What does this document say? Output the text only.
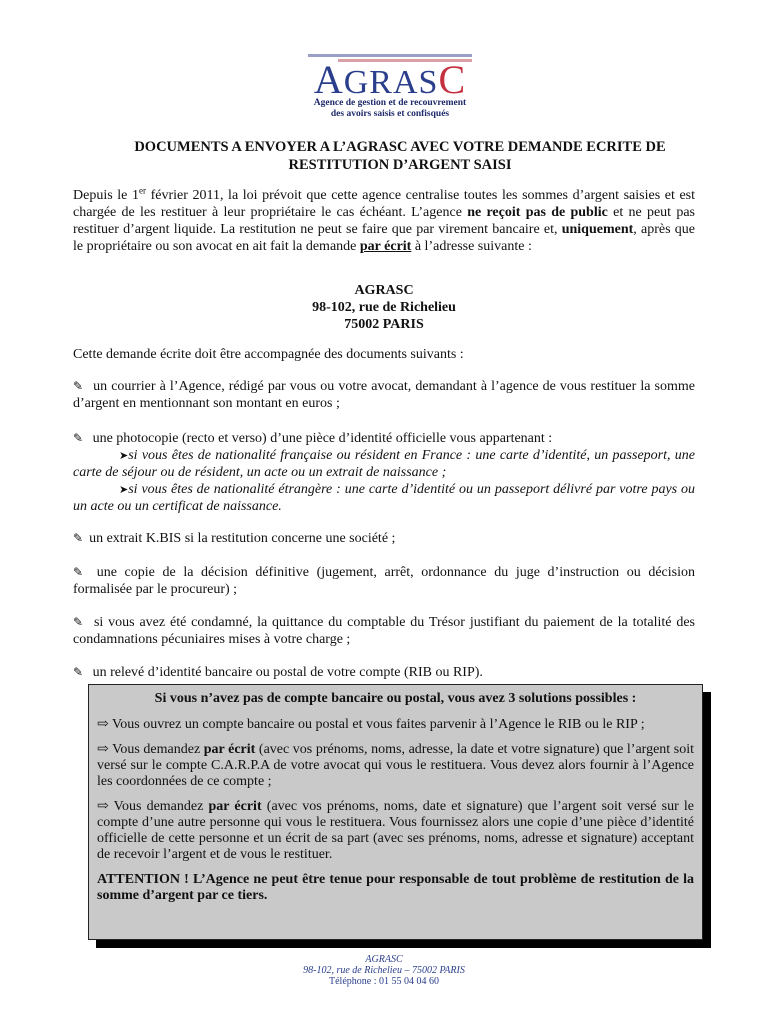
AGRASC
Agence de gestion et de recouvrement
des avoirs saisis et confisqués
DOCUMENTS A ENVOYER A L’AGRASC AVEC VOTRE DEMANDE ECRITE DE
RESTITUTION D’ARGENT SAISI
Depuis le 1er février 2011, la loi prévoit que cette agence centralise toutes les sommes d’argent saisies et est chargée de les restituer à leur propriétaire le cas échéant. L’agence ne reçoit pas de public et ne peut pas restituer d’argent liquide. La restitution ne peut se faire que par virement bancaire et, uniquement, après que le propriétaire ou son avocat en ait fait la demande par écrit à l’adresse suivante :
AGRASC
98-102, rue de Richelieu
75002 PARIS
Cette demande écrite doit être accompagnée des documents suivants :
✎ un courrier à l’Agence, rédigé par vous ou votre avocat, demandant à l’agence de vous restituer la somme d’argent en mentionnant son montant en euros ;
✎ une photocopie (recto et verso) d’une pièce d’identité officielle vous appartenant :
➤si vous êtes de nationalité française ou résident en France : une carte d’identité, un passeport, une carte de séjour ou de résident, un acte ou un extrait de naissance ;
➤si vous êtes de nationalité étrangère : une carte d’identité ou un passeport délivré par votre pays ou un acte ou un certificat de naissance.
✎ un extrait K.BIS si la restitution concerne une société ;
✎ une copie de la décision définitive (jugement, arrêt, ordonnance du juge d’instruction ou décision formalisée par le procureur) ;
✎ si vous avez été condamné, la quittance du comptable du Trésor justifiant du paiement de la totalité des condamnations pécuniaires mises à votre charge ;
✎ un relevé d’identité bancaire ou postal de votre compte (RIB ou RIP).

Si vous n’avez pas de compte bancaire ou postal, vous avez 3 solutions possibles :

⇨ Vous ouvrez un compte bancaire ou postal et vous faites parvenir à l’Agence le RIB ou le RIP ;

⇨ Vous demandez par écrit (avec vos prénoms, noms, adresse, la date et votre signature) que l’argent soit versé sur le compte C.A.R.P.A de votre avocat qui vous le restituera. Vous devez alors fournir à l’Agence les coordonnées de ce compte ;

⇨ Vous demandez par écrit (avec vos prénoms, noms, date et signature) que l’argent soit versé sur le compte d’une autre personne qui vous le restituera. Vous fournissez alors une copie d’une pièce d’identité officielle de cette personne et un écrit de sa part (avec ses prénoms, noms, adresse et signature) acceptant de recevoir l’argent et de vous le restituer.

ATTENTION ! L’Agence ne peut être tenue pour responsable de tout problème de restitution de la somme d’argent par ce tiers.

AGRASC
98-102, rue de Richelieu – 75002 PARIS
Téléphone : 01 55 04 04 60
